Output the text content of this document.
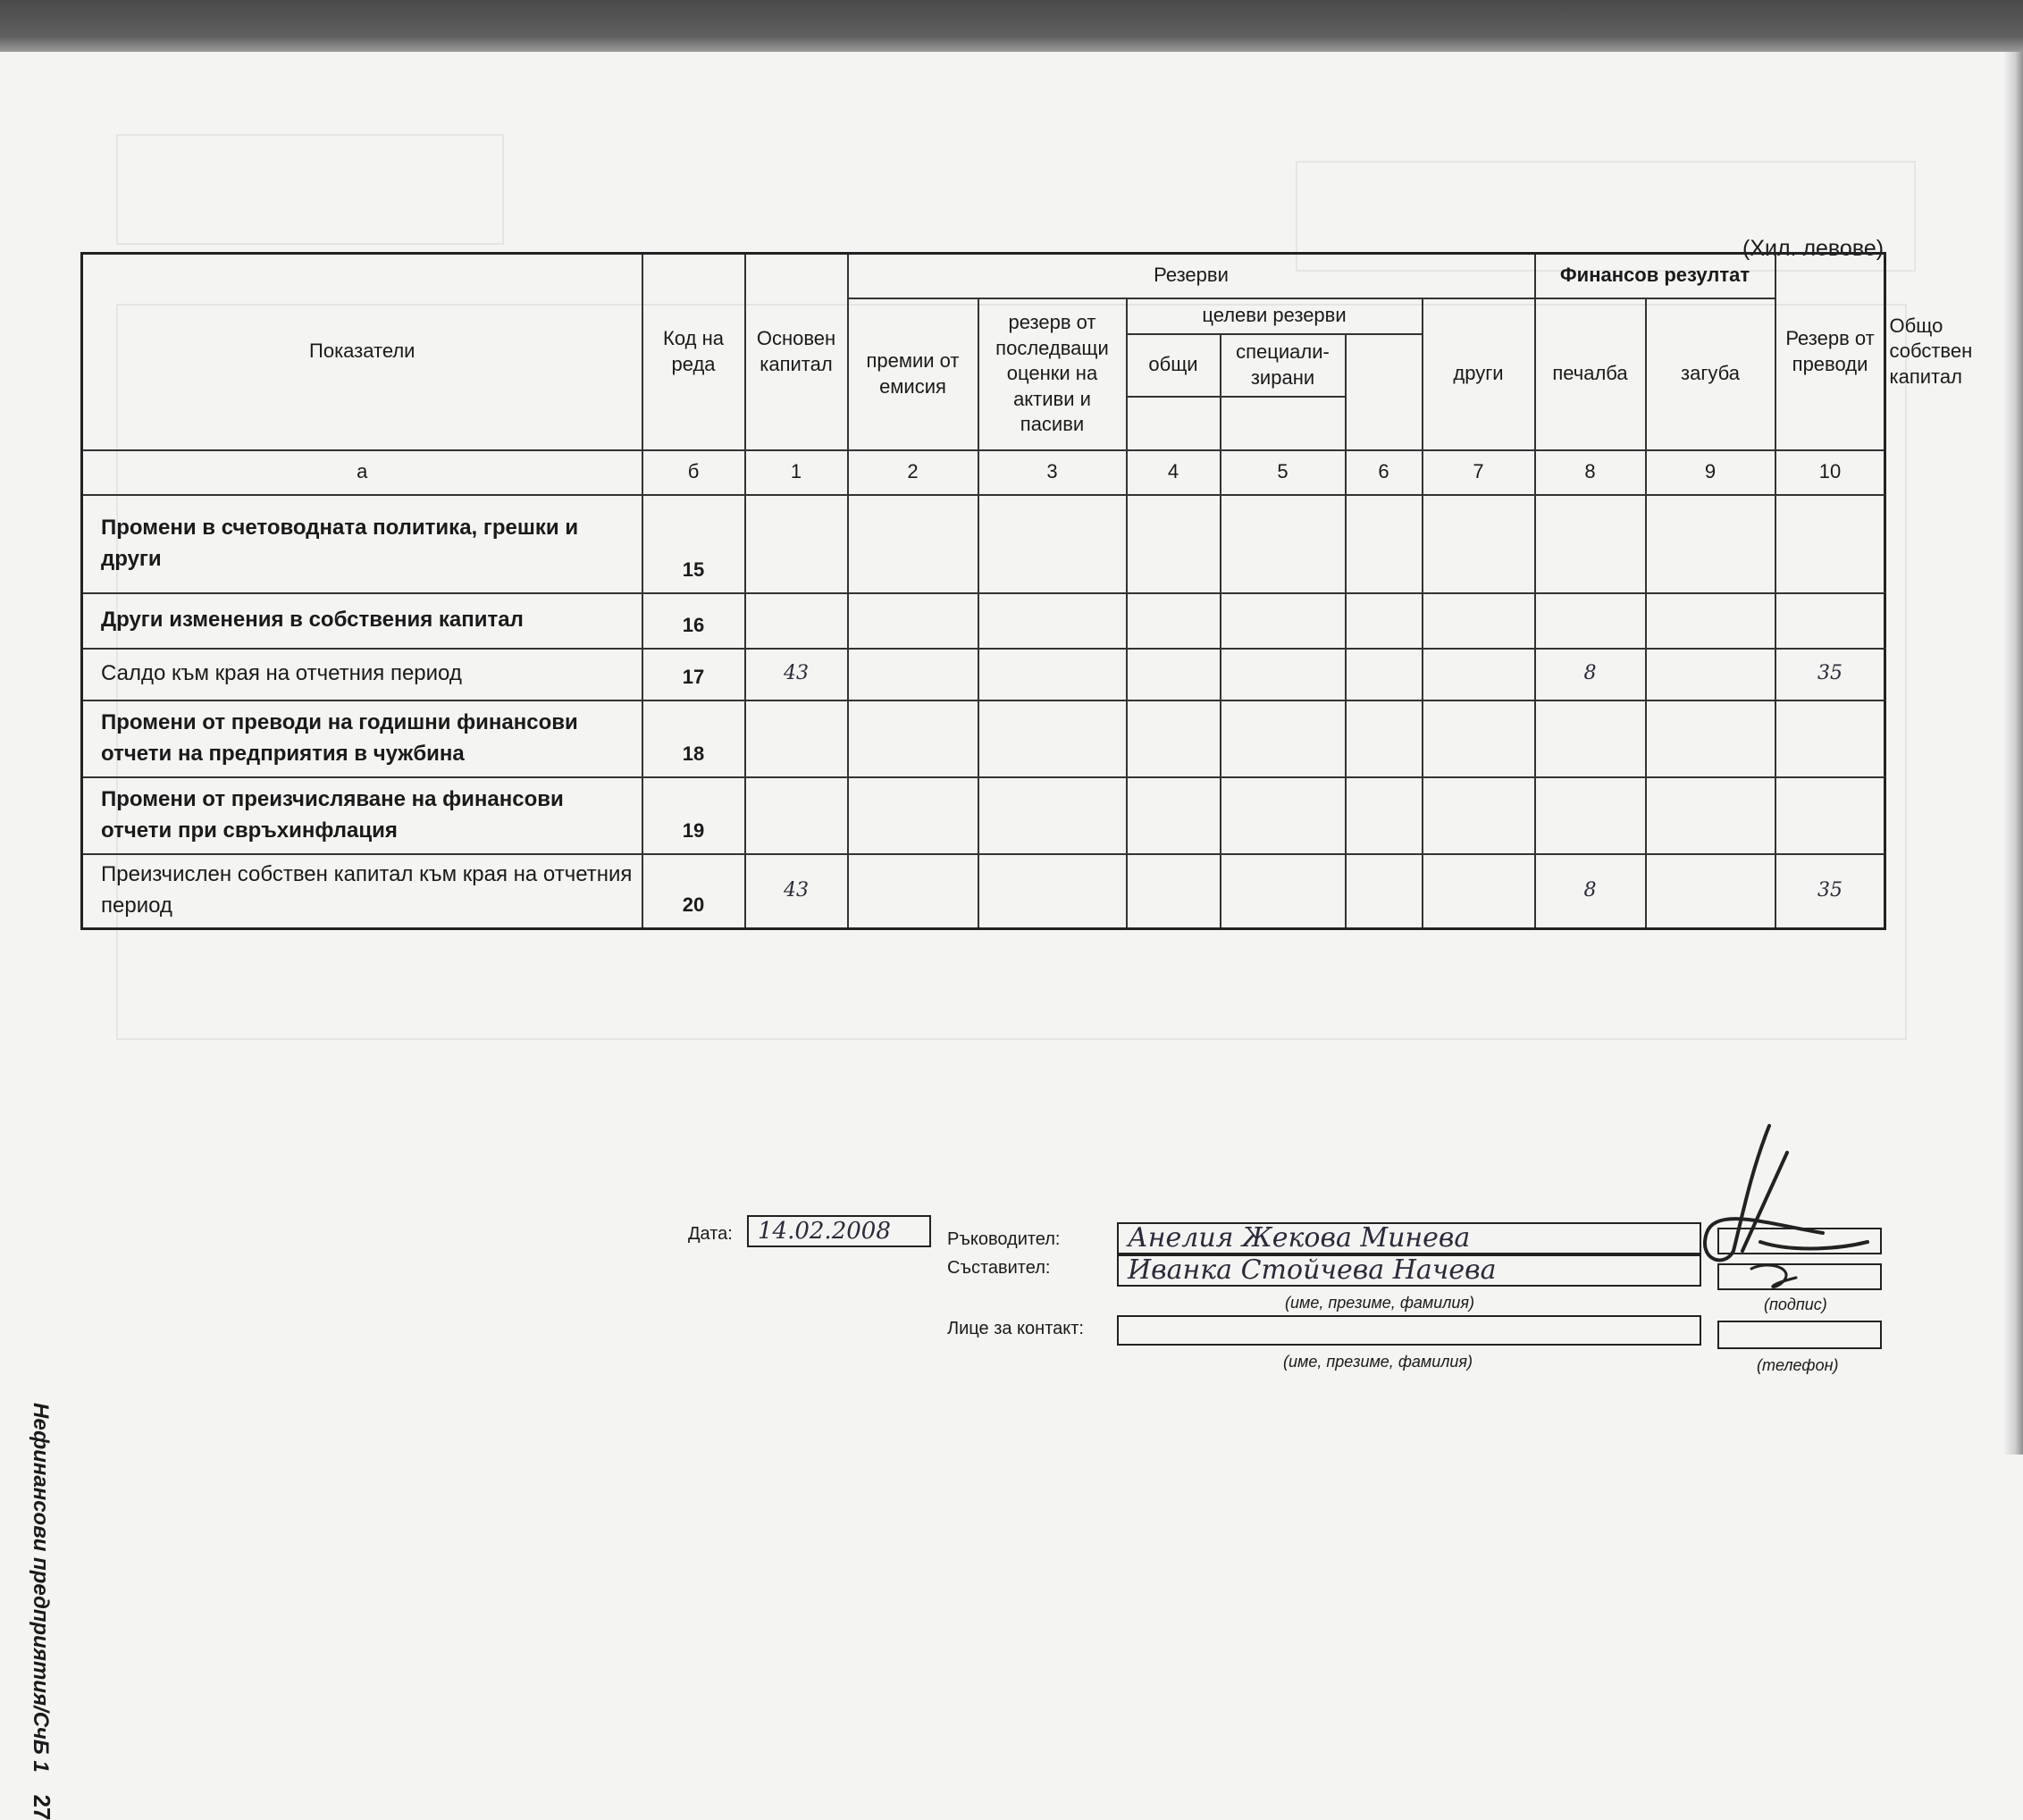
(Хил. левове)
Показатели	Код на реда	Основен капитал	Резерви						Финансов резултат		Резерв от преводи	Общо собствен капитал
			премии от емисия	резерв от последващи оценки на активи и пасиви	целеви резерви			други	печалба	загуба		
					общи	специали-зирани						

а	б	1	2	3	4	5	6	7	8	9	10	
Промени в счетоводната политика, грешки и други	15											
Други изменения в собствения капитал	16											
Салдо към края на отчетния период	17	43							8		35	
Промени от преводи на годишни финансови отчети на предприятия в чужбина	18											
Промени от преизчисляване на финансови отчети при свръхинфлация	19											
Преизчислен собствен капитал към края на отчетния период	20	43							8		35	
Нефинансови предприятия/СчБ 1 27
Дата:	14.02.2008	Ръководител:	Анелия Жекова Минева
Съставител:	Иванка Стойчева Начева
(име, презиме, фамилия)	(подпис)
Лице за контакт:
(име, презиме, фамилия)	(телефон)
